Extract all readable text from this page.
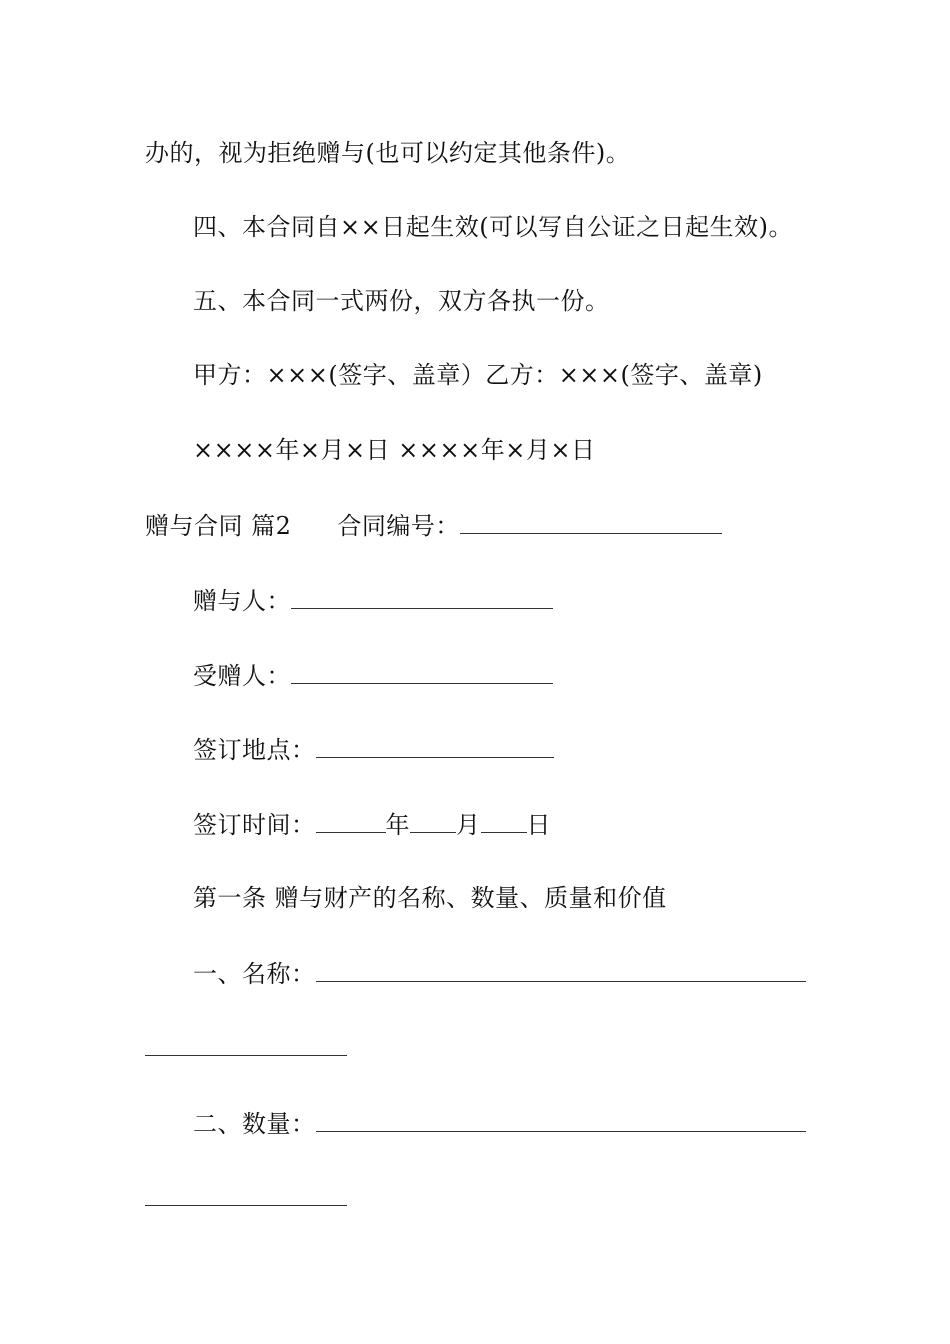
办的，视为拒绝赠与(也可以约定其他条件)。
四、本合同自××日起生效(可以写自公证之日起生效)。
五、本合同一式两份，双方各执一份。
甲方：×××(签字、盖章）乙方：×××(签字、盖章)
××××年×月×日 ××××年×月×日
赠与合同 篇2 合同编号：
赠与人：
受赠人：
签订地点：
签订时间：	年 月 日
第一条 赠与财产的名称、数量、质量和价值
一、名称：
二、数量：
